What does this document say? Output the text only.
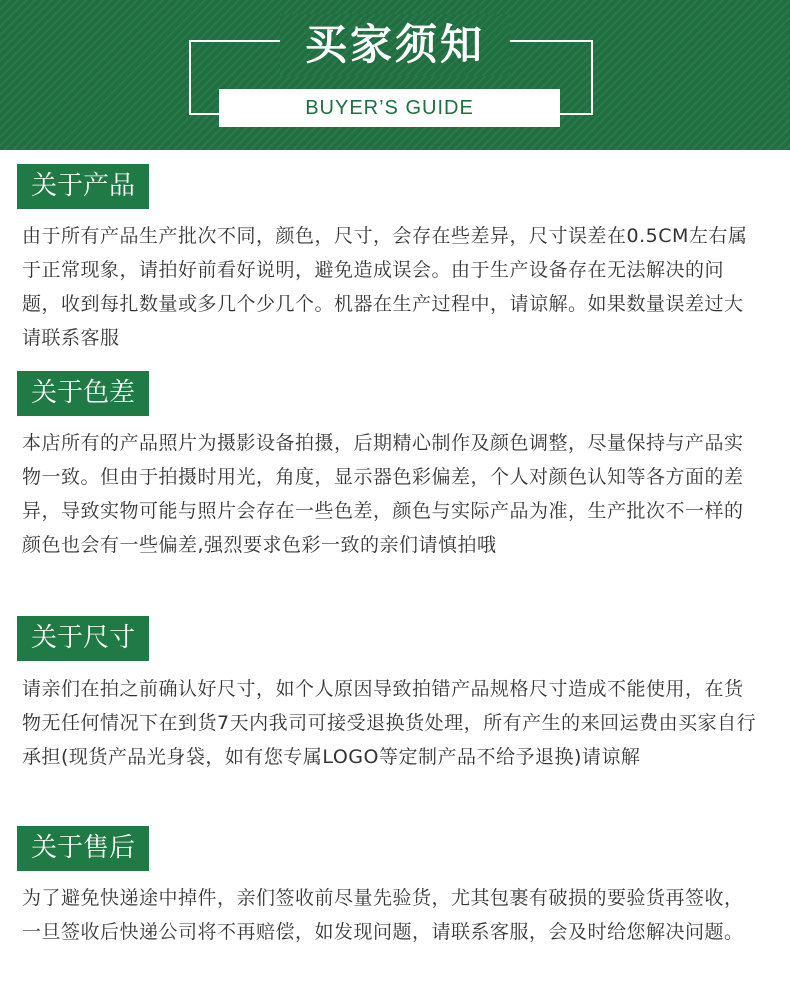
买家须知
BUYER’S GUIDE
关于产品

由于所有产品生产批次不同，颜色，尺寸，会存在些差异，尺寸误差在0.5CM左右属于正常现象，请拍好前看好说明，避免造成误会。由于生产设备存在无法解决的问题，收到每扎数量或多几个少几个。机器在生产过程中，请谅解。如果数量误差过大请联系客服

关于色差

本店所有的产品照片为摄影设备拍摄，后期精心制作及颜色调整，尽量保持与产品实物一致。但由于拍摄时用光，角度，显示器色彩偏差，个人对颜色认知等各方面的差异，导致实物可能与照片会存在一些色差，颜色与实际产品为准，生产批次不一样的颜色也会有一些偏差,强烈要求色彩一致的亲们请慎拍哦

关于尺寸

请亲们在拍之前确认好尺寸，如个人原因导致拍错产品规格尺寸造成不能使用，在货物无任何情况下在到货7天内我司可接受退换货处理，所有产生的来回运费由买家自行承担(现货产品光身袋，如有您专属LOGO等定制产品不给予退换)请谅解

关于售后

为了避免快递途中掉件，亲们签收前尽量先验货，尤其包裹有破损的要验货再签收，一旦签收后快递公司将不再赔偿，如发现问题，请联系客服，会及时给您解决问题。
